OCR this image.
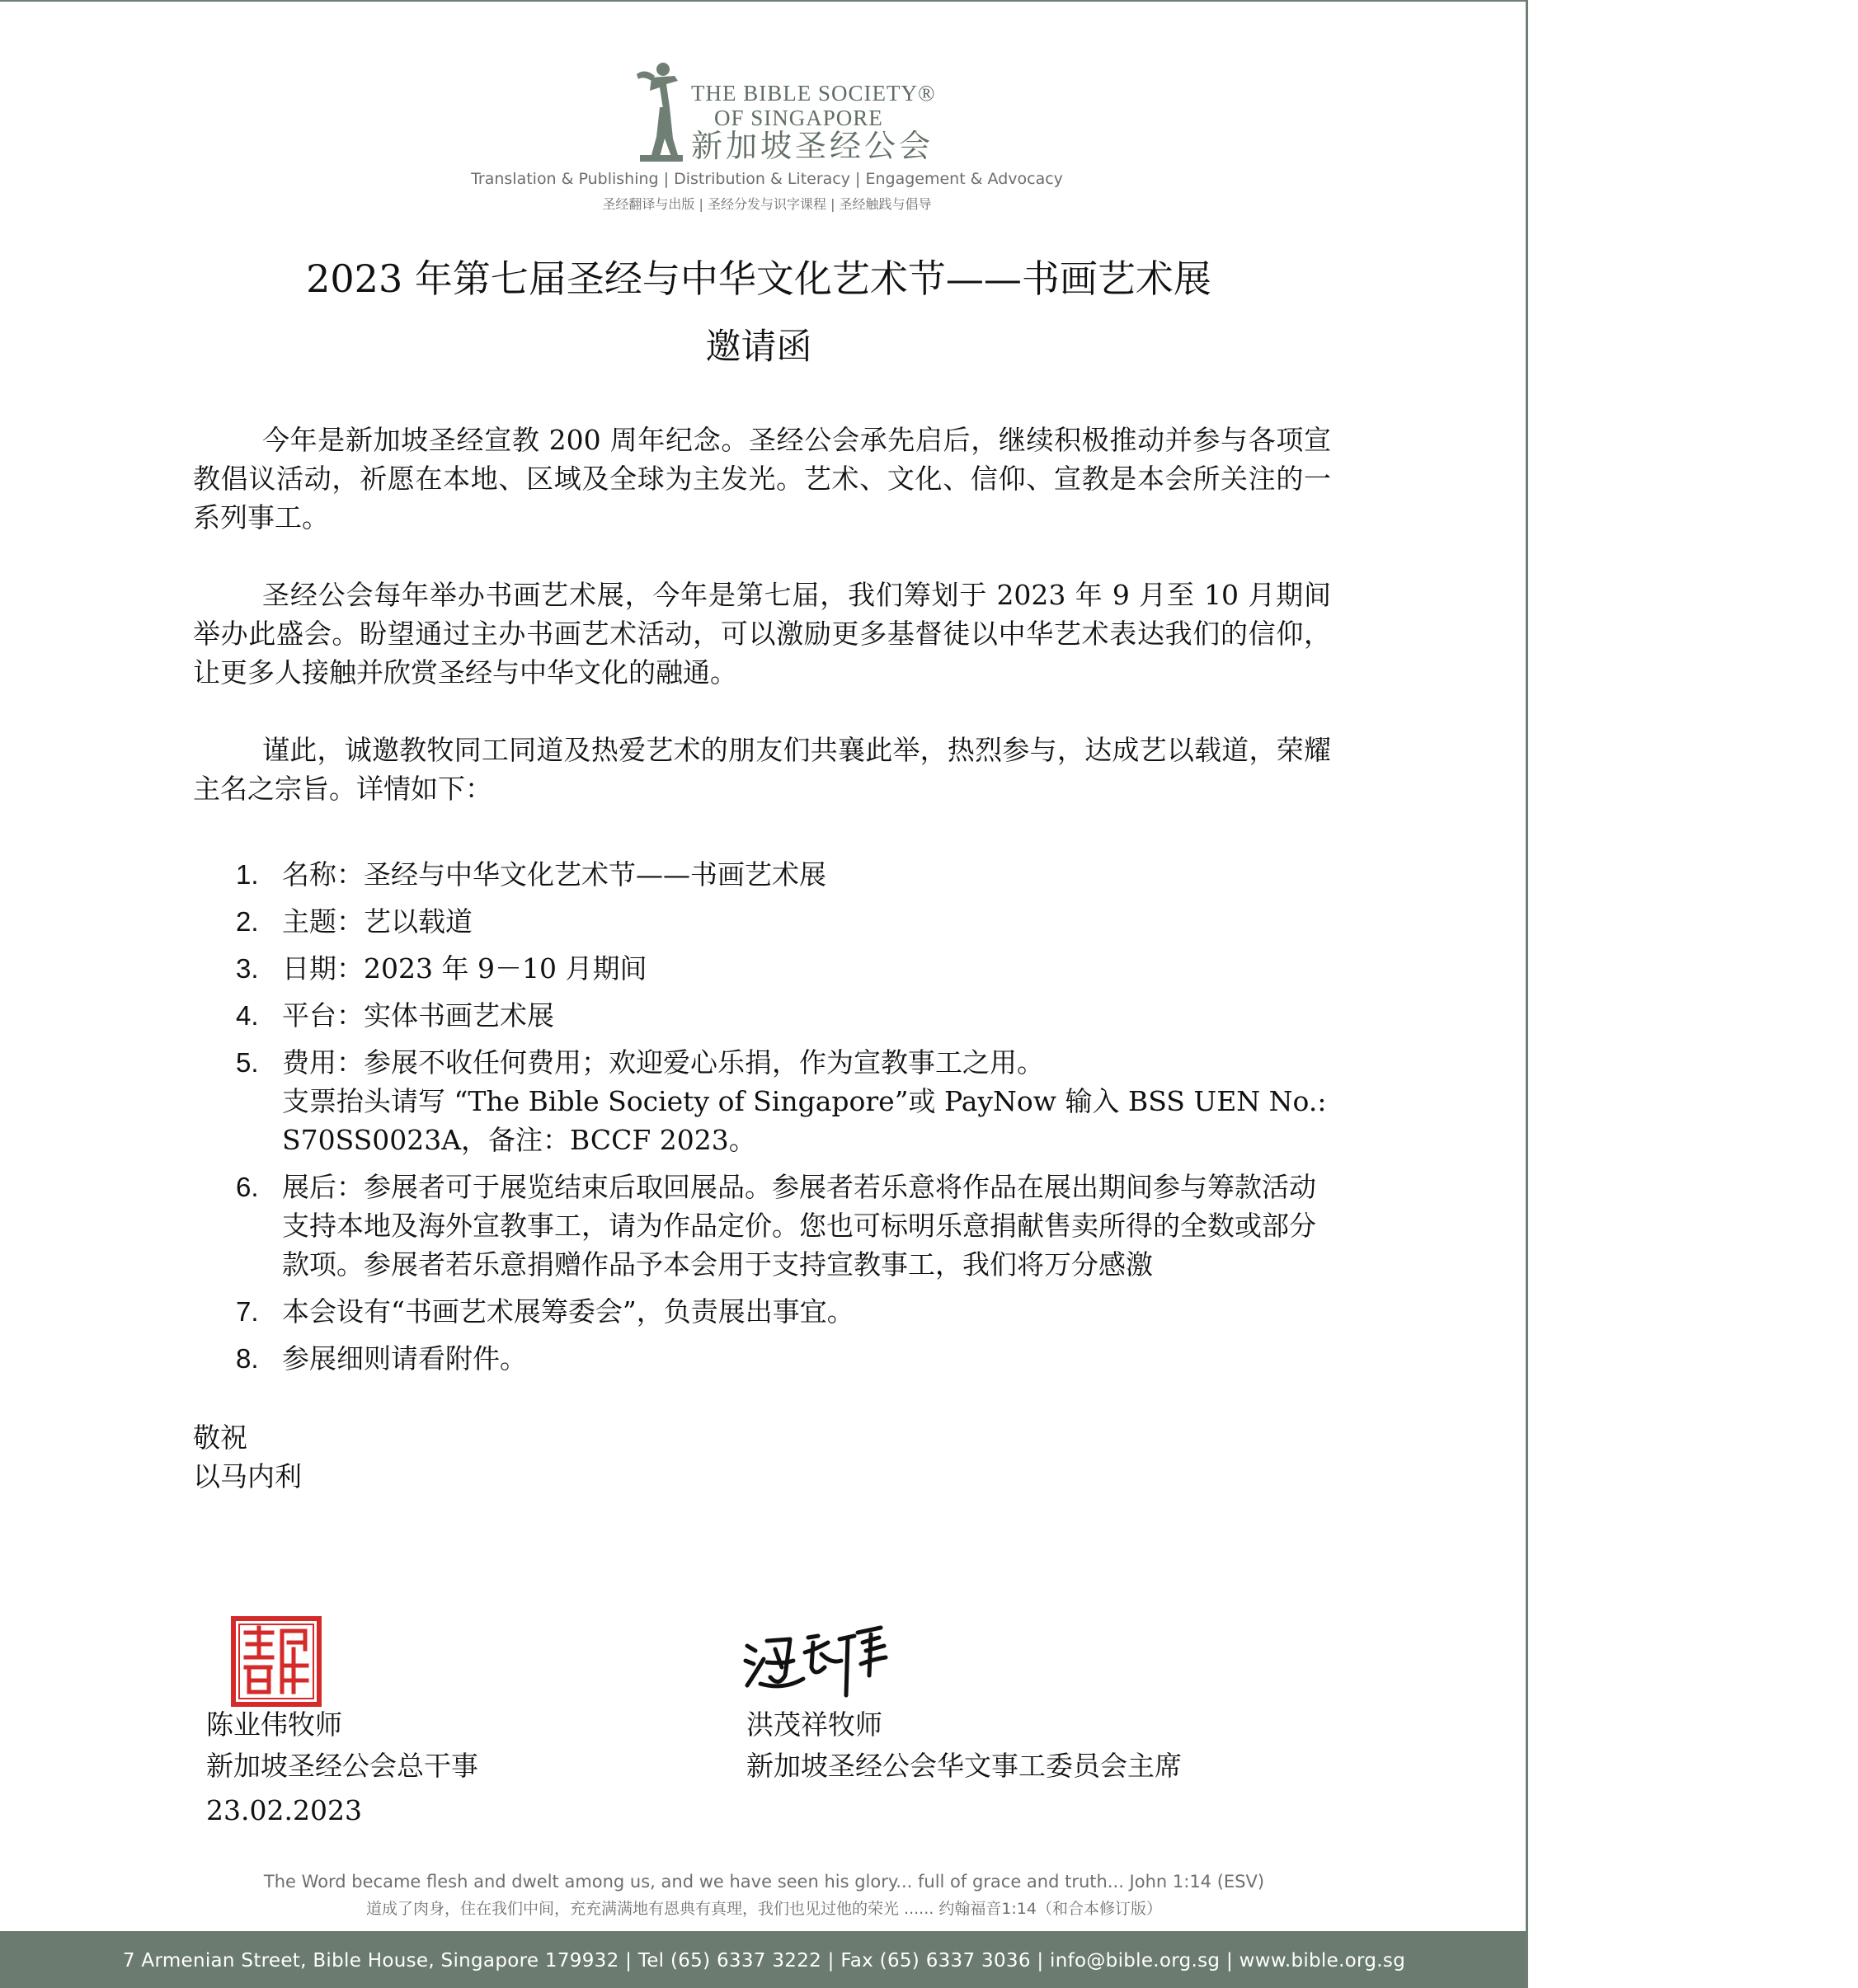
THE BIBLE SOCIETY®
OF SINGAPORE
新加坡圣经公会
Translation & Publishing | Distribution & Literacy | Engagement & Advocacy
圣经翻译与出版 | 圣经分发与识字课程 | 圣经触践与倡导
2023 年第七届圣经与中华文化艺术节——书画艺术展
邀请函
今年是新加坡圣经宣教 200 周年纪念。圣经公会承先启后，继续积极推动并参与各项宣教倡议活动，祈愿在本地、区域及全球为主发光。艺术、文化、信仰、宣教是本会所关注的一系列事工。
圣经公会每年举办书画艺术展，今年是第七届，我们筹划于 2023 年 9 月至 10 月期间举办此盛会。盼望通过主办书画艺术活动，可以激励更多基督徒以中华艺术表达我们的信仰，让更多人接触并欣赏圣经与中华文化的融通。
谨此，诚邀教牧同工同道及热爱艺术的朋友们共襄此举，热烈参与，达成艺以载道，荣耀主名之宗旨。详情如下：
1. 名称：圣经与中华文化艺术节——书画艺术展
2. 主题：艺以载道
3. 日期：2023 年 9－10 月期间
4. 平台：实体书画艺术展
5. 费用：参展不收任何费用；欢迎爱心乐捐，作为宣教事工之用。
支票抬头请写 “The Bible Society of Singapore”或 PayNow 输入 BSS UEN No.: S70SS0023A，备注：BCCF 2023。
6. 展后：参展者可于展览结束后取回展品。参展者若乐意将作品在展出期间参与筹款活动支持本地及海外宣教事工，请为作品定价。您也可标明乐意捐献售卖所得的全数或部分款项。参展者若乐意捐赠作品予本会用于支持宣教事工，我们将万分感激
7. 本会设有“书画艺术展筹委会”，负责展出事宜。
8. 参展细则请看附件。
敬祝
以马内利
陈业伟牧师
新加坡圣经公会总干事
23.02.2023
洪茂祥牧师
新加坡圣经公会华文事工委员会主席
The Word became flesh and dwelt among us, and we have seen his glory... full of grace and truth... John 1:14 (ESV)
道成了肉身，住在我们中间，充充满满地有恩典有真理，我们也见过他的荣光 ...... 约翰福音1:14（和合本修订版）
7 Armenian Street, Bible House, Singapore 179932 | Tel (65) 6337 3222 | Fax (65) 6337 3036 | info@bible.org.sg | www.bible.org.sg
